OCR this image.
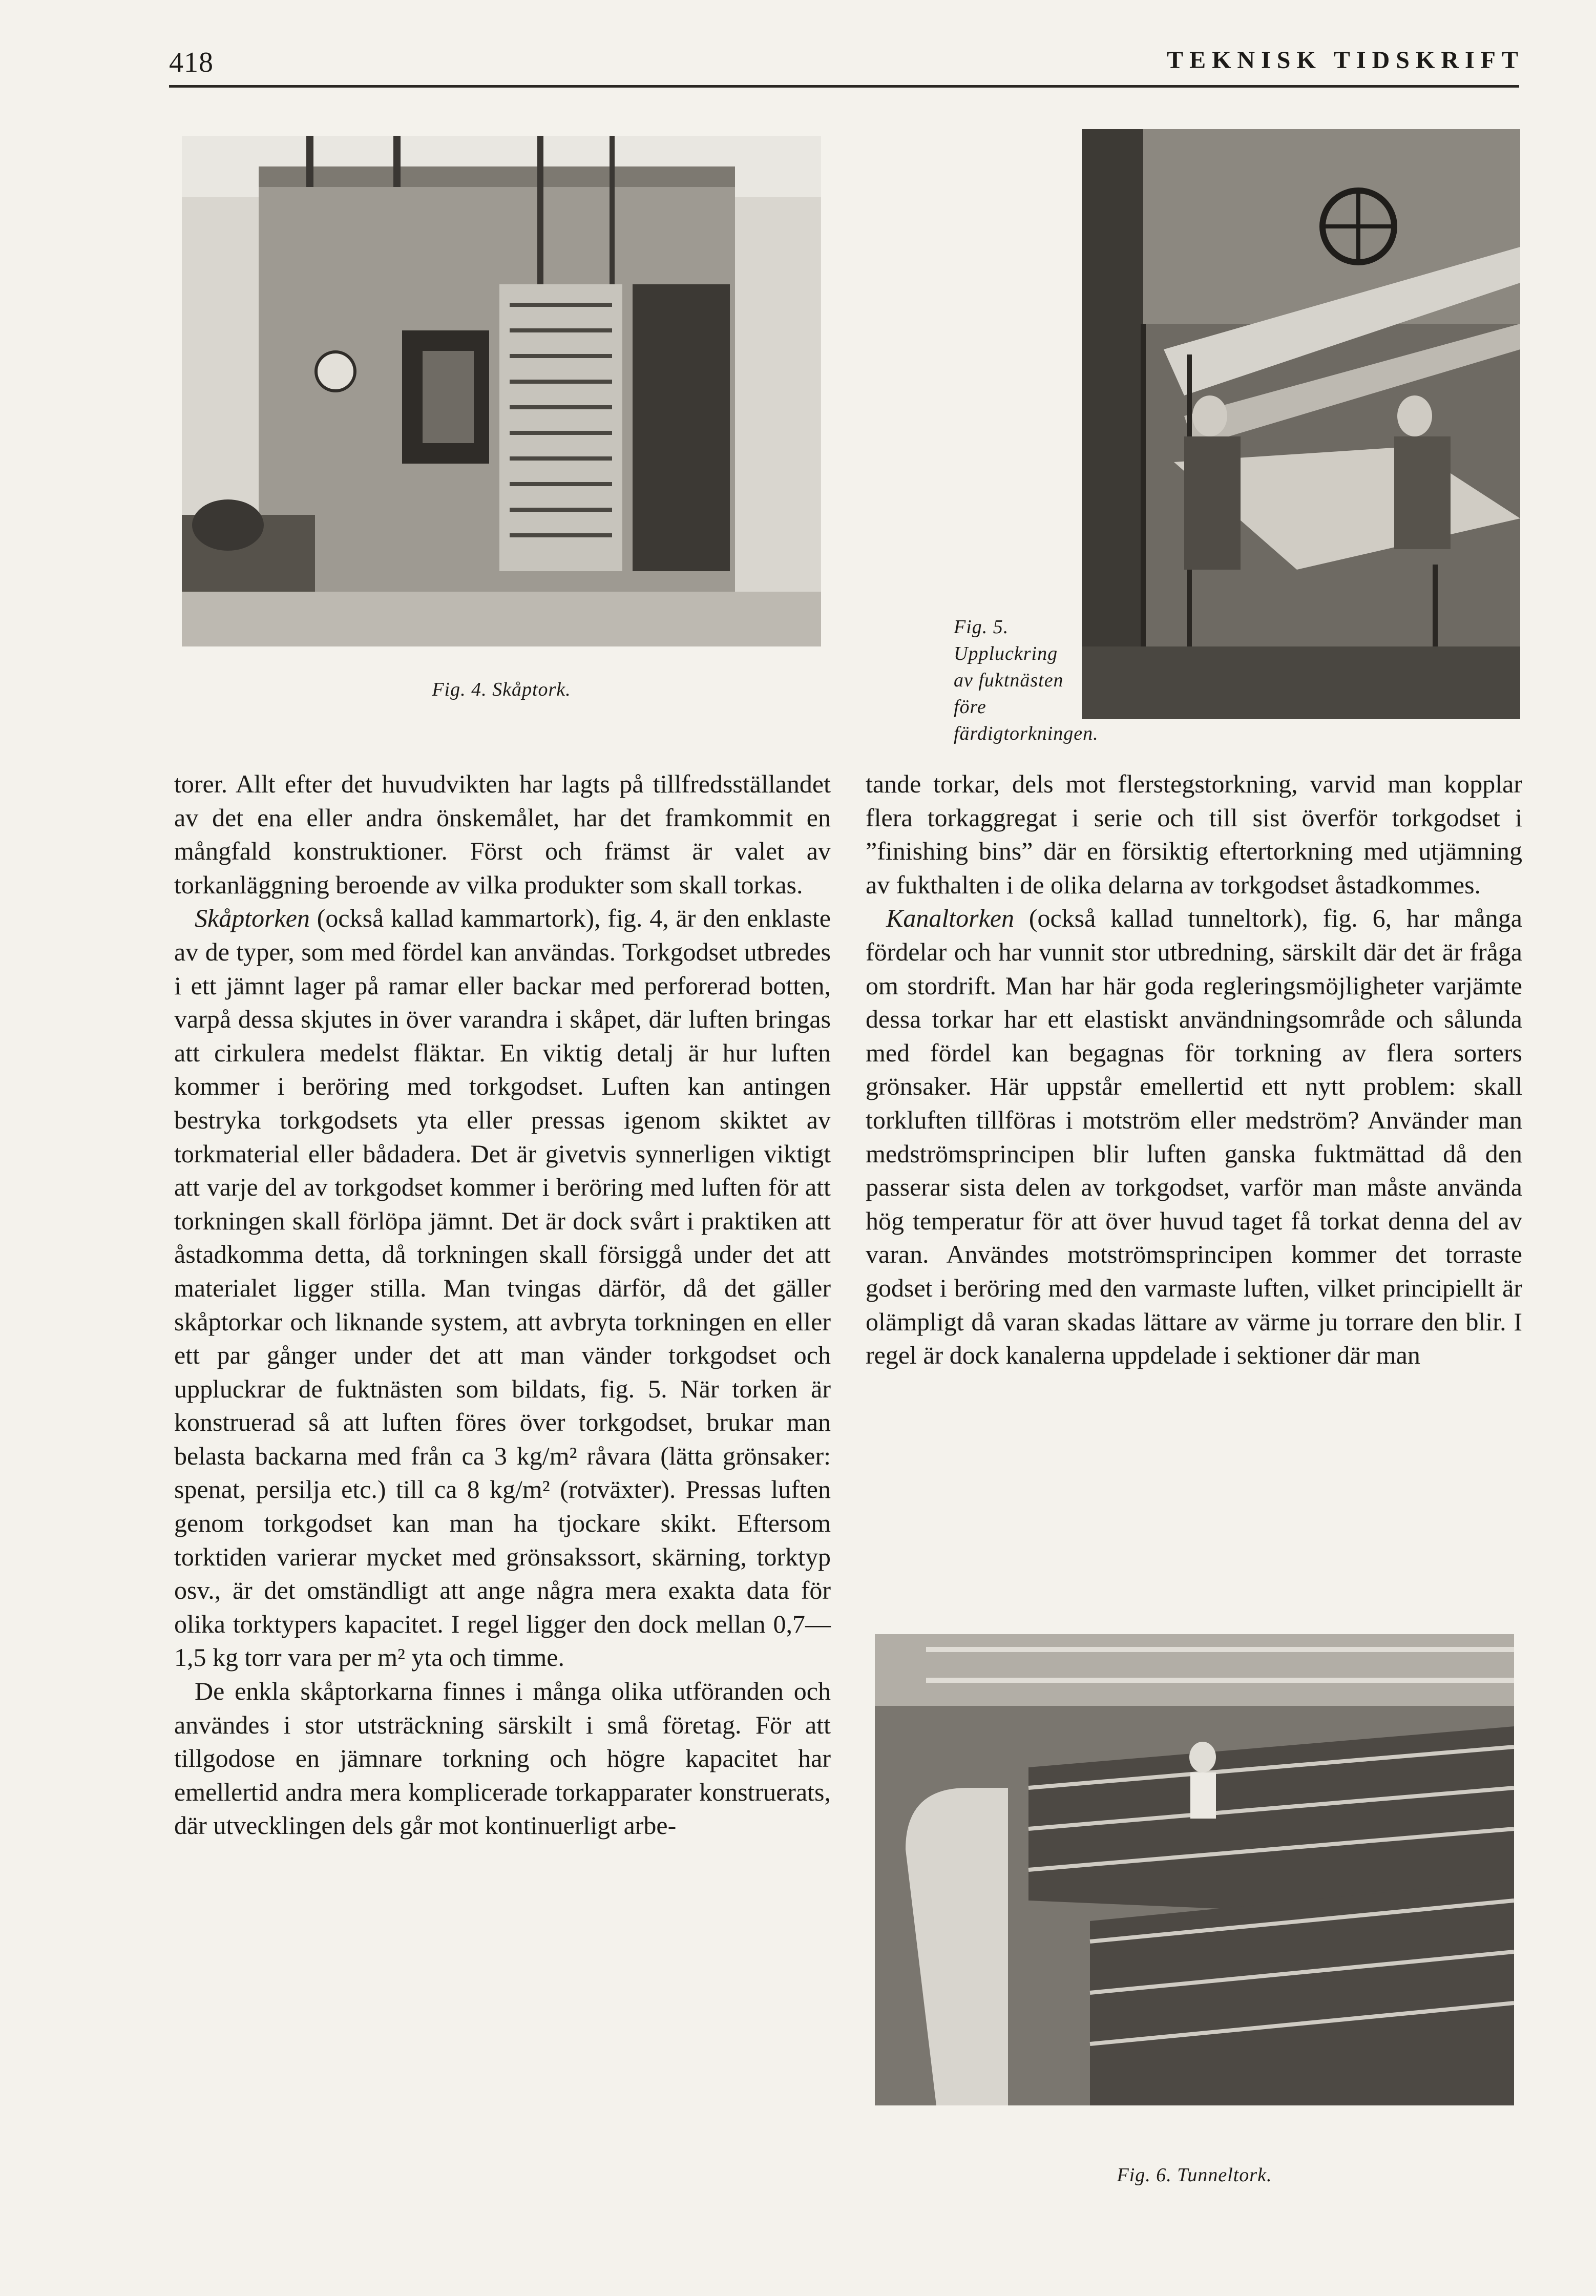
418	TEKNISK TIDSKRIFT
Fig. 4. Skåptork.
Fig. 5. Uppluckring av fuktnästen före färdigtorkningen.

torer. Allt efter det huvudvikten har lagts på tillfredsställandet av det ena eller andra önskemålet, har det framkommit en mångfald konstruktioner. Först och främst är valet av torkanläggning beroende av vilka produkter som skall torkas.

Skåptorken (också kallad kammartork), fig. 4, är den enklaste av de typer, som med fördel kan användas. Torkgodset utbredes i ett jämnt lager på ramar eller backar med perforerad botten, varpå dessa skjutes in över varandra i skåpet, där luften bringas att cirkulera medelst fläktar. En viktig detalj är hur luften kommer i beröring med torkgodset. Luften kan antingen bestryka torkgodsets yta eller pressas igenom skiktet av torkmaterial eller bådadera. Det är givetvis synnerligen viktigt att varje del av torkgodset kommer i beröring med luften för att torkningen skall förlöpa jämnt. Det är dock svårt i praktiken att åstadkomma detta, då torkningen skall försiggå under det att materialet ligger stilla. Man tvingas därför, då det gäller skåptorkar och liknande system, att avbryta torkningen en eller ett par gånger under det att man vänder torkgodset och uppluckrar de fuktnästen som bildats, fig. 5. När torken är konstruerad så att luften föres över torkgodset, brukar man belasta backarna med från ca 3 kg/m² råvara (lätta grönsaker: spenat, persilja etc.) till ca 8 kg/m² (rotväxter). Pressas luften genom torkgodset kan man ha tjockare skikt. Eftersom torktiden varierar mycket med grönsakssort, skärning, torktyp osv., är det omständligt att ange några mera exakta data för olika torktypers kapacitet. I regel ligger den dock mellan 0,7—1,5 kg torr vara per m² yta och timme.

De enkla skåptorkarna finnes i många olika utföranden och användes i stor utsträckning särskilt i små företag. För att tillgodose en jämnare torkning och högre kapacitet har emellertid andra mera komplicerade torkapparater konstruerats, där utvecklingen dels går mot kontinuerligt arbe-

tande torkar, dels mot flerstegstorkning, varvid man kopplar flera torkaggregat i serie och till sist överför torkgodset i ”finishing bins” där en försiktig eftertorkning med utjämning av fukthalten i de olika delarna av torkgodset åstadkommes.

Kanaltorken (också kallad tunneltork), fig. 6, har många fördelar och har vunnit stor utbredning, särskilt där det är fråga om stordrift. Man har här goda regleringsmöjligheter varjämte dessa torkar har ett elastiskt användningsområde och sålunda med fördel kan begagnas för torkning av flera sorters grönsaker. Här uppstår emellertid ett nytt problem: skall torkluften tillföras i motström eller medström? Använder man medströmsprincipen blir luften ganska fuktmättad då den passerar sista delen av torkgodset, varför man måste använda hög temperatur för att över huvud taget få torkat denna del av varan. Användes motströmsprincipen kommer det torraste godset i beröring med den varmaste luften, vilket principiellt är olämpligt då varan skadas lättare av värme ju torrare den blir. I regel är dock kanalerna uppdelade i sektioner där man

Fig. 6. Tunneltork.
